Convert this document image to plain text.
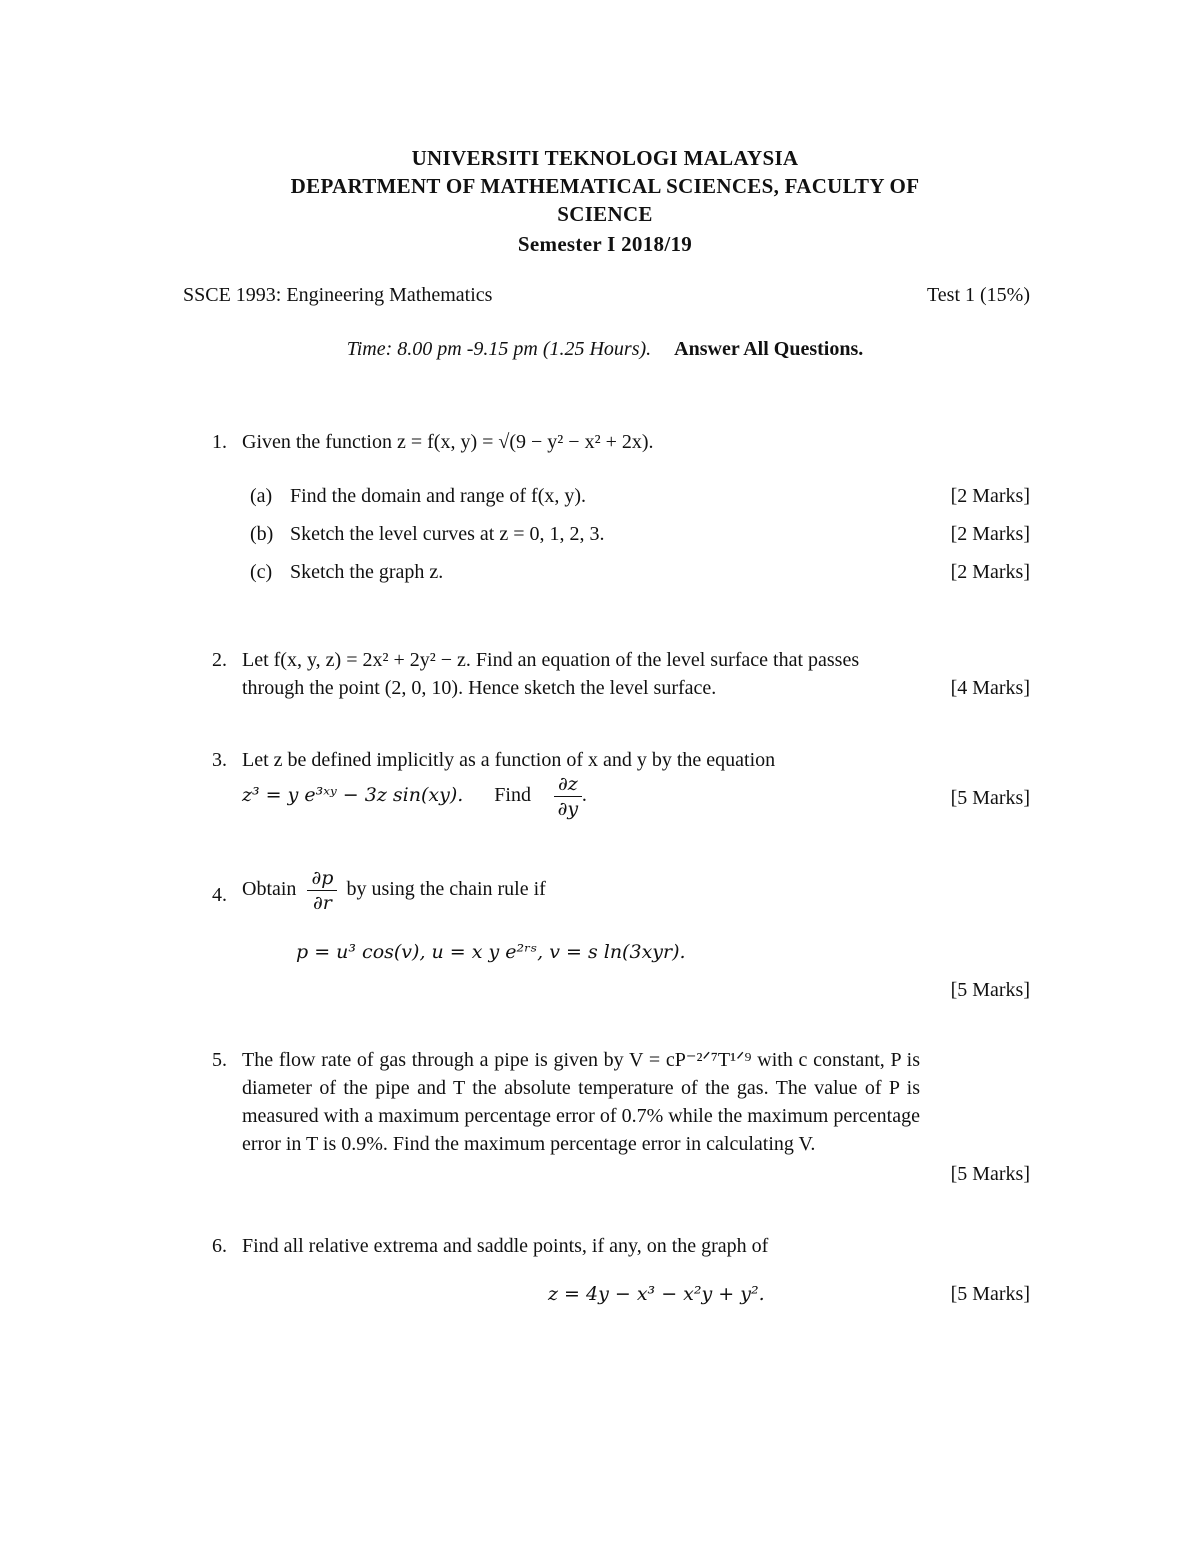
UNIVERSITI TEKNOLOGI MALAYSIA
DEPARTMENT OF MATHEMATICAL SCIENCES, FACULTY OF
SCIENCE
Semester I 2018/19
SSCE 1993: Engineering Mathematics	Test 1 (15%)
Time: 8.00 pm -9.15 pm (1.25 Hours). Answer All Questions.
1. Given the function z = f(x, y) = √(9 − y² − x² + 2x).
(a) Find the domain and range of f(x, y).	[2 Marks]
(b) Sketch the level curves at z = 0, 1, 2, 3.	[2 Marks]
(c) Sketch the graph z.	[2 Marks]
2. Let f(x, y, z) = 2x² + 2y² − z. Find an equation of the level surface that passes
through the point (2, 0, 10). Hence sketch the level surface.	[4 Marks]
3. Let z be defined implicitly as a function of x and y by the equation
z³ = y e³ˣʸ − 3z sin(xy). Find $\frac{\partial z}{\partial y}$ .	[5 Marks]
4. Obtain $\frac{\partial p}{\partial r}$ by using the chain rule if
p = u³ cos(v), u = x y e²ʳˢ, v = s ln(3xyr).
[5 Marks]
5. The flow rate of gas through a pipe is given by V = cP⁻²ᐟ⁷T¹ᐟ⁹ with c constant, P is diameter of the pipe and T the absolute temperature of the gas. The value of P is measured with a maximum percentage error of 0.7% while the maximum percentage error in T is 0.9%. Find the maximum percentage error in calculating V.
[5 Marks]
6. Find all relative extrema and saddle points, if any, on the graph of
z = 4y − x³ − x²y + y².	[5 Marks]
